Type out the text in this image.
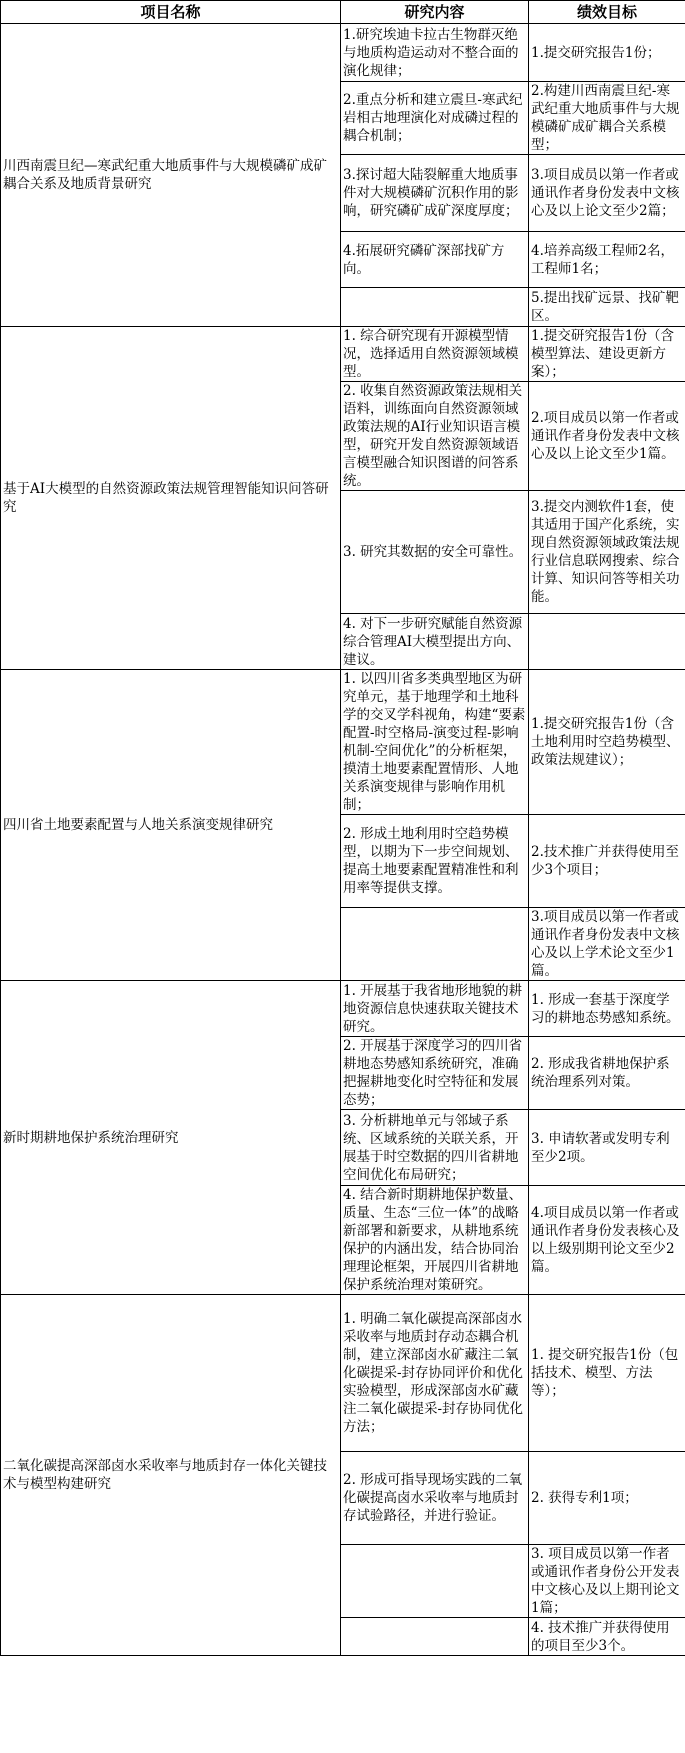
项目名称	研究内容	绩效目标
川西南震旦纪—寒武纪重大地质事件与大规模磷矿成矿耦合关系及地质背景研究	1.研究埃迪卡拉古生物群灭绝与地质构造运动对不整合面的演化规律；	1.提交研究报告1份；
	2.重点分析和建立震旦-寒武纪岩相古地理演化对成磷过程的耦合机制；	2.构建川西南震旦纪-寒武纪重大地质事件与大规模磷矿成矿耦合关系模型；
	3.探讨超大陆裂解重大地质事件对大规模磷矿沉积作用的影响，研究磷矿成矿深度厚度；	3.项目成员以第一作者或通讯作者身份发表中文核心及以上论文至少2篇；
	4.拓展研究磷矿深部找矿方向。	4.培养高级工程师2名，工程师1名；
		5.提出找矿远景、找矿靶区。
基于AI大模型的自然资源政策法规管理智能知识问答研究	1. 综合研究现有开源模型情况，选择适用自然资源领域模型。	1.提交研究报告1份（含模型算法、建设更新方案）；
	2. 收集自然资源政策法规相关语料，训练面向自然资源领域政策法规的AI行业知识语言模型，研究开发自然资源领域语言模型融合知识图谱的问答系统。	2.项目成员以第一作者或通讯作者身份发表中文核心及以上论文至少1篇。
	3. 研究其数据的安全可靠性。	3.提交内测软件1套，使其适用于国产化系统，实现自然资源领域政策法规行业信息联网搜索、综合计算、知识问答等相关功能。
	4. 对下一步研究赋能自然资源综合管理AI大模型提出方向、建议。	
四川省土地要素配置与人地关系演变规律研究	1. 以四川省多类典型地区为研究单元，基于地理学和土地科学的交叉学科视角，构建“要素配置-时空格局-演变过程-影响机制-空间优化”的分析框架，摸清土地要素配置情形、人地关系演变规律与影响作用机制；	1.提交研究报告1份（含土地利用时空趋势模型、政策法规建议）；
	2. 形成土地利用时空趋势模型，以期为下一步空间规划、提高土地要素配置精准性和利用率等提供支撑。	2.技术推广并获得使用至少3个项目；
		3.项目成员以第一作者或通讯作者身份发表中文核心及以上学术论文至少1篇。
新时期耕地保护系统治理研究	1. 开展基于我省地形地貌的耕地资源信息快速获取关键技术研究。	1. 形成一套基于深度学习的耕地态势感知系统。
	2. 开展基于深度学习的四川省耕地态势感知系统研究，准确把握耕地变化时空特征和发展态势；	2. 形成我省耕地保护系统治理系列对策。
	3. 分析耕地单元与邻域子系统、区域系统的关联关系，开展基于时空数据的四川省耕地空间优化布局研究；	3. 申请软著或发明专利至少2项。
	4. 结合新时期耕地保护数量、质量、生态“三位一体”的战略新部署和新要求，从耕地系统保护的内涵出发，结合协同治理理论框架，开展四川省耕地保护系统治理对策研究。	4.项目成员以第一作者或通讯作者身份发表核心及以上级别期刊论文至少2篇。
二氧化碳提高深部卤水采收率与地质封存一体化关键技术与模型构建研究	1. 明确二氧化碳提高深部卤水采收率与地质封存动态耦合机制，建立深部卤水矿藏注二氧化碳提采-封存协同评价和优化实验模型，形成深部卤水矿藏注二氧化碳提采-封存协同优化方法；	1. 提交研究报告1份（包括技术、模型、方法等）；
	2. 形成可指导现场实践的二氧化碳提高卤水采收率与地质封存试验路径，并进行验证。	2. 获得专利1项；
		3. 项目成员以第一作者或通讯作者身份公开发表中文核心及以上期刊论文1篇；
		4. 技术推广并获得使用的项目至少3个。
